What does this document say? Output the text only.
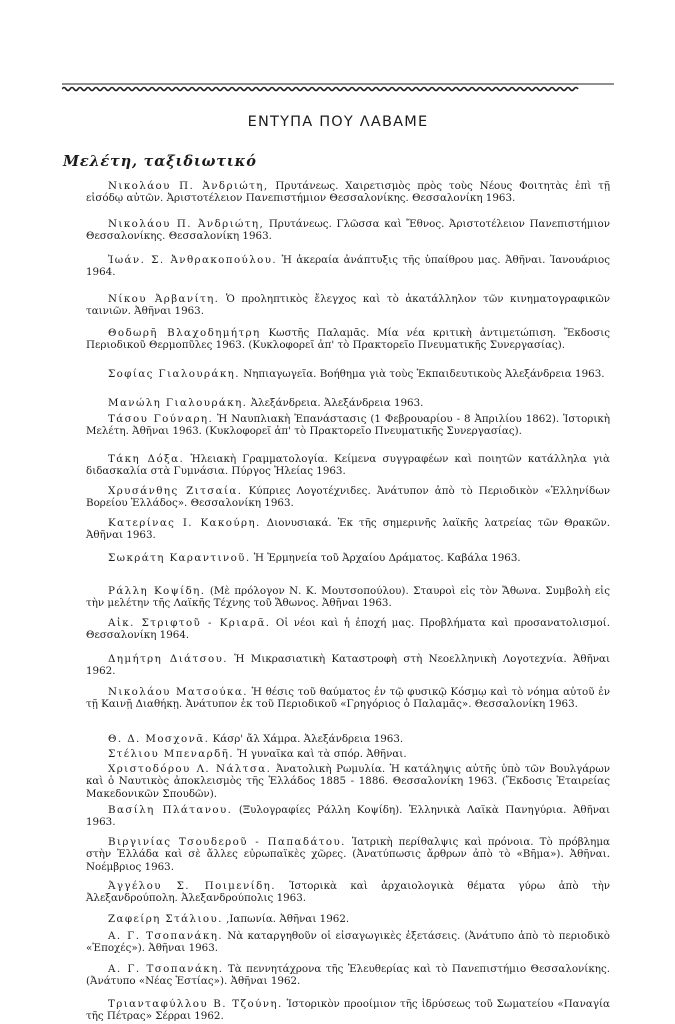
ΕΝΤΥΠΑ ΠΟΥ ΛΑΒΑΜΕ
Μελέτη, ταξιδιωτικό
Νικολάου Π. Ἀνδριώτη, Πρυτάνεως. Χαιρετισμὸς πρὸς τοὺς Νέους Φοιτητὰς ἐπὶ τῇ εἰσόδῳ αὐτῶν. Ἀριστοτέλειον Πανεπιστήμιον Θεσσαλονίκης. Θεσσαλονίκη 1963.
Νικολάου Π. Ἀνδριώτη, Πρυτάνεως. Γλῶσσα καὶ Ἔθνος. Ἀριστοτέλειον Πανεπιστήμιον Θεσσαλονίκης. Θεσσαλονίκη 1963.
Ἰωάν. Σ. Ἀνθρακοπούλου. Ἡ ἀκεραία ἀνάπτυξις τῆς ὑπαίθρου μας. Ἀθῆναι. Ἰανουάριος 1964.
Νίκου Ἀρβανίτη. Ὁ προληπτικὸς ἔλεγχος καὶ τὸ ἀκατάλληλον τῶν κινηματογραφικῶν ταινιῶν. Ἀθῆναι 1963.
Θοδωρῆ Βλαχοδημήτρη Κωστῆς Παλαμᾶς. Μία νέα κριτικὴ ἀντιμετώπιση. Ἔκδοσις Περιοδικοῦ Θερμοπῦλες 1963. (Κυκλοφορεῖ ἀπ' τὸ Πρακτορεῖο Πνευματικῆς Συνεργασίας).
Σοφίας Γιαλουράκη. Νηπιαγωγεῖα. Βοήθημα γιὰ τοὺς Ἐκπαιδευτικοὺς Ἀλεξάνδρεια 1963.
Μανώλη Γιαλουράκη. Ἀλεξάνδρεια. Ἀλεξάνδρεια 1963.
Τάσου Γούναρη. Ἡ Ναυπλιακὴ Ἐπανάστασις (1 Φεβρουαρίου - 8 Ἀπριλίου 1862). Ἱστορικὴ Μελέτη. Ἀθῆναι 1963. (Κυκλοφορεῖ ἀπ' τὸ Πρακτορεῖο Πνευματικῆς Συνεργασίας).
Τάκη Δόξα. Ἠλειακὴ Γραμματολογία. Κείμενα συγγραφέων καὶ ποιητῶν κατάλληλα γιὰ διδασκαλία στὰ Γυμνάσια. Πύργος Ἠλείας 1963.
Χρυσάνθης Ζιτσαία. Κύπριες Λογοτέχνιδες. Ἀνάτυπον ἀπὸ τὸ Περιοδικὸν «Ἑλληνίδων Βορείου Ἑλλάδος». Θεσσαλονίκη 1963.
Κατερίνας Ι. Κακούρη. Διονυσιακά. Ἐκ τῆς σημερινῆς λαϊκῆς λατρείας τῶν Θρακῶν. Ἀθῆναι 1963.
Σωκράτη Καραντινοῦ. Ἡ Ἑρμηνεία τοῦ Ἀρχαίου Δράματος. Καβάλα 1963.
Ράλλη Κοψίδη. (Μὲ πρόλογον Ν. Κ. Μουτσοπούλου). Σταυροὶ εἰς τὸν Ἄθωνα. Συμβολὴ εἰς τὴν μελέτην τῆς Λαϊκῆς Τέχνης τοῦ Ἄθωνος. Ἀθῆναι 1963.
Αἰκ. Στριφτοῦ - Κριαρᾶ. Οἱ νέοι καὶ ἡ ἐποχή μας. Προβλήματα καὶ προσανατολισμοί. Θεσσαλονίκη 1964.
Δημήτρη Διάτσου. Ἡ Μικρασιατικὴ Καταστροφὴ στὴ Νεοελληνικὴ Λογοτεχνία. Ἀθῆναι 1962.
Νικολάου Ματσούκα. Ἡ θέσις τοῦ θαύματος ἐν τῷ φυσικῷ Κόσμῳ καὶ τὸ νόημα αὐτοῦ ἐν τῇ Καινῇ Διαθήκῃ. Ἀνάτυπον ἐκ τοῦ Περιοδικοῦ «Γρηγόριος ὁ Παλαμᾶς». Θεσσαλονίκη 1963.
Θ. Δ. Μοσχονᾶ. Κάσρ' ἄλ Χάμρα. Ἀλεξάνδρεια 1963.
Στέλιου Μπεναρδῆ. Ἡ γυναῖκα καὶ τὰ σπόρ. Ἀθῆναι.
Χριστοδόρου Λ. Νάλτσα. Ἀνατολικὴ Ρωμυλία. Ἡ κατάληψις αὐτῆς ὑπὸ τῶν Βουλγάρων καὶ ὁ Ναυτικὸς ἀποκλεισμὸς τῆς Ἑλλάδος 1885 - 1886. Θεσσαλονίκη 1963. (Ἔκδοσις Ἑταιρείας Μακεδονικῶν Σπουδῶν).
Βασίλη Πλάτανου. (Ξυλογραφίες Ράλλη Κοψίδη). Ἑλληνικὰ Λαϊκὰ Πανηγύρια. Ἀθῆναι 1963.
Βιργινίας Τσουδεροῦ - Παπαδάτου. Ἰατρικὴ περίθαλψις καὶ πρόνοια. Τὸ πρόβλημα στὴν Ἑλλάδα καὶ σὲ ἄλλες εὐρωπαϊκὲς χῶρες. (Ἀνατύπωσις ἄρθρων ἀπὸ τὸ «Βῆμα»). Ἀθῆναι. Νοέμβριος 1963.
Ἀγγέλου Σ. Ποιμενίδη. Ἱστορικὰ καὶ ἀρχαιολογικὰ θέματα γύρω ἀπὸ τὴν Ἀλεξανδρούπολη. Ἀλεξανδρούπολις 1963.
Ζαφείρη Στάλιου. ,Ιαπωνία. Ἀθῆναι 1962.
Α. Γ. Τσοπανάκη. Νὰ καταργηθοῦν οἱ εἰσαγωγικὲς ἐξετάσεις. (Ἀνάτυπο ἀπὸ τὸ περιοδικὸ «Ἐποχές»). Ἀθῆναι 1963.
Α. Γ. Τσοπανάκη. Τὰ πεννητάχρονα τῆς Ἐλευθερίας καὶ τὸ Πανεπιστήμιο Θεσσαλονίκης. (Ἀνάτυπο «Νέας Ἑστίας»). Ἀθῆναι 1962.
Τριανταφύλλου Β. Τζούνη. Ἱστορικὸν προοίμιον τῆς ἱδρύσεως τοῦ Σωματείου «Παναγία τῆς Πέτρας» Σέρραι 1962.
